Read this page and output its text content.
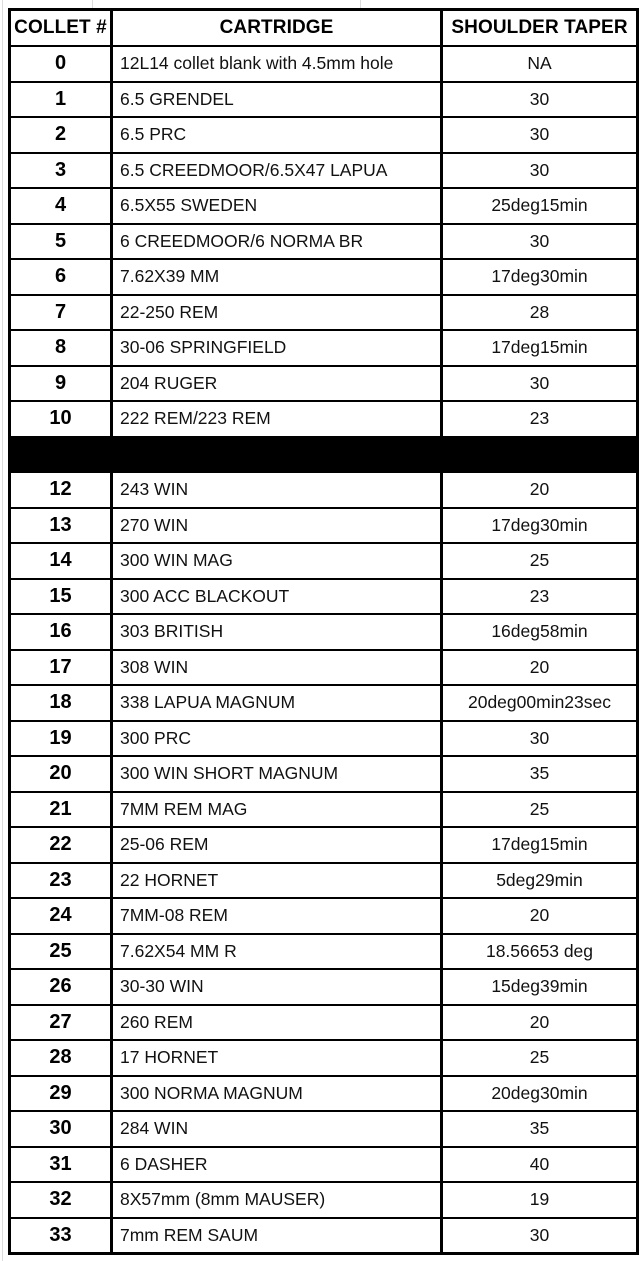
COLLET #	CARTRIDGE	SHOULDER TAPER
0	12L14 collet blank with 4.5mm hole	NA
1	6.5 GRENDEL	30
2	6.5 PRC	30
3	6.5 CREEDMOOR/6.5X47 LAPUA	30
4	6.5X55 SWEDEN	25deg15min
5	6 CREEDMOOR/6 NORMA BR	30
6	7.62X39 MM	17deg30min
7	22-250 REM	28
8	30-06 SPRINGFIELD	17deg15min
9	204 RUGER	30
10	222 REM/223 REM	23

12	243 WIN	20
13	270 WIN	17deg30min
14	300 WIN MAG	25
15	300 ACC BLACKOUT	23
16	303 BRITISH	16deg58min
17	308 WIN	20
18	338 LAPUA MAGNUM	20deg00min23sec
19	300 PRC	30
20	300 WIN SHORT MAGNUM	35
21	7MM REM MAG	25
22	25-06 REM	17deg15min
23	22 HORNET	5deg29min
24	7MM-08 REM	20
25	7.62X54 MM R	18.56653 deg
26	30-30 WIN	15deg39min
27	260 REM	20
28	17 HORNET	25
29	300 NORMA MAGNUM	20deg30min
30	284 WIN	35
31	6 DASHER	40
32	8X57mm (8mm MAUSER)	19
33	7mm REM SAUM	30
